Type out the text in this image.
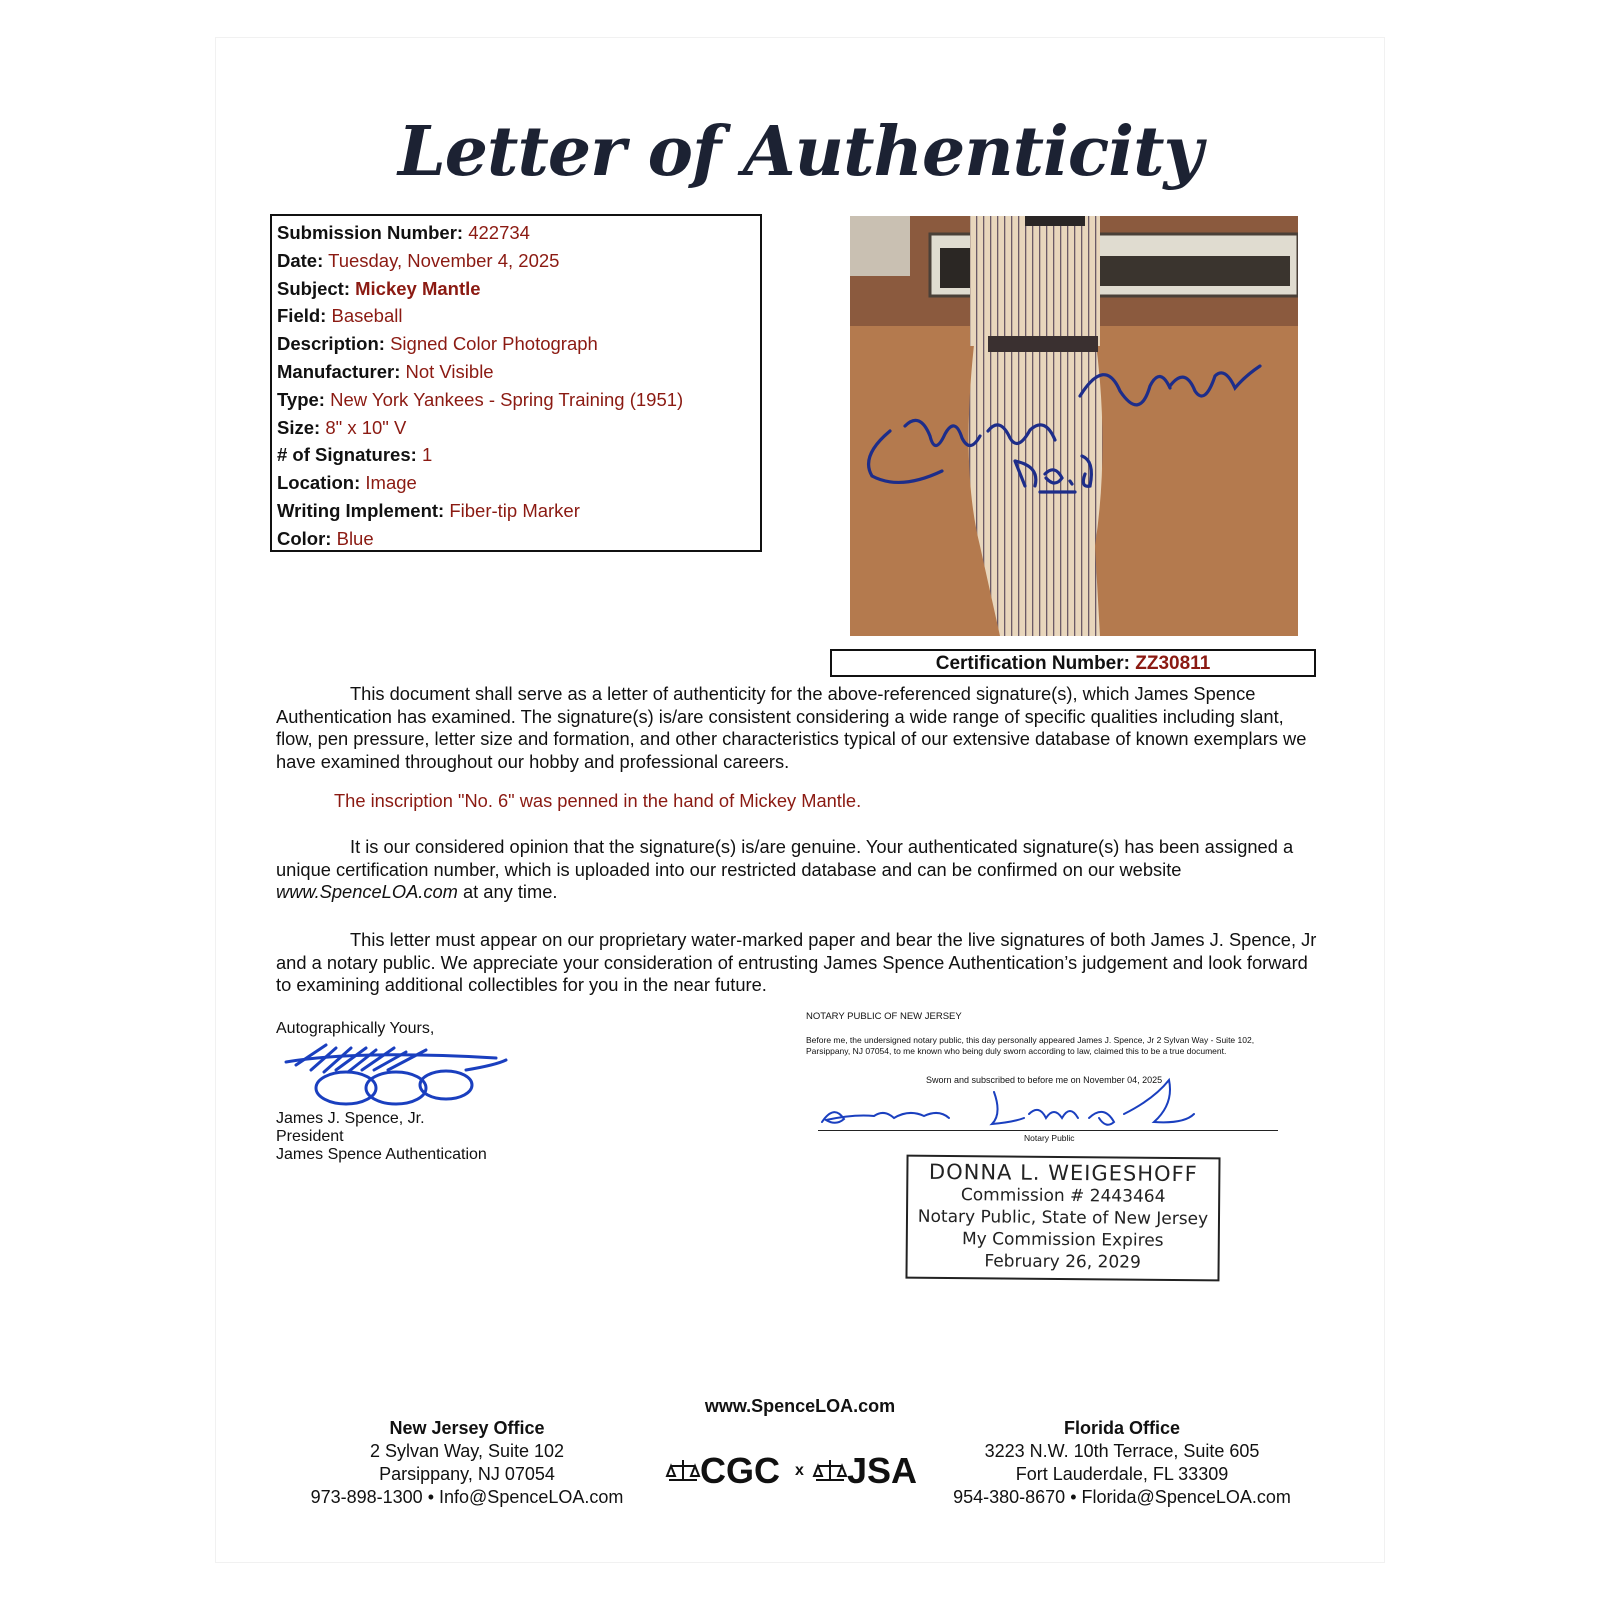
Letter of Authenticity
Submission Number: 422734
Date: Tuesday, November 4, 2025
Subject: Mickey Mantle
Field: Baseball
Description: Signed Color Photograph
Manufacturer: Not Visible
Type: New York Yankees - Spring Training (1951)
Size: 8" x 10" V
# of Signatures: 1
Location: Image
Writing Implement: Fiber-tip Marker
Color: Blue
Certification Number: ZZ30811
This document shall serve as a letter of authenticity for the above-referenced signature(s), which James Spence Authentication has examined. The signature(s) is/are consistent considering a wide range of specific qualities including slant, flow, pen pressure, letter size and formation, and other characteristics typical of our extensive database of known exemplars we have examined throughout our hobby and professional careers.
The inscription "No. 6" was penned in the hand of Mickey Mantle.
It is our considered opinion that the signature(s) is/are genuine. Your authenticated signature(s) has been assigned a unique certification number, which is uploaded into our restricted database and can be confirmed on our website www.SpenceLOA.com at any time.
This letter must appear on our proprietary water-marked paper and bear the live signatures of both James J. Spence, Jr and a notary public. We appreciate your consideration of entrusting James Spence Authentication’s judgement and look forward to examining additional collectibles for you in the near future.
Autographically Yours,
James J. Spence, Jr.
President
James Spence Authentication
NOTARY PUBLIC OF NEW JERSEY
Before me, the undersigned notary public, this day personally appeared James J. Spence, Jr 2 Sylvan Way - Suite 102, Parsippany, NJ 07054, to me known who being duly sworn according to law, claimed this to be a true document.
Sworn and subscribed to before me on November 04, 2025
Notary Public
DONNA L. WEIGESHOFF
Commission # 2443464
Notary Public, State of New Jersey
My Commission Expires
February 26, 2029
www.SpenceLOA.com
CGC x JSA
New Jersey Office
2 Sylvan Way, Suite 102
Parsippany, NJ 07054
973-898-1300 • Info@SpenceLOA.com
Florida Office
3223 N.W. 10th Terrace, Suite 605
Fort Lauderdale, FL 33309
954-380-8670 • Florida@SpenceLOA.com
